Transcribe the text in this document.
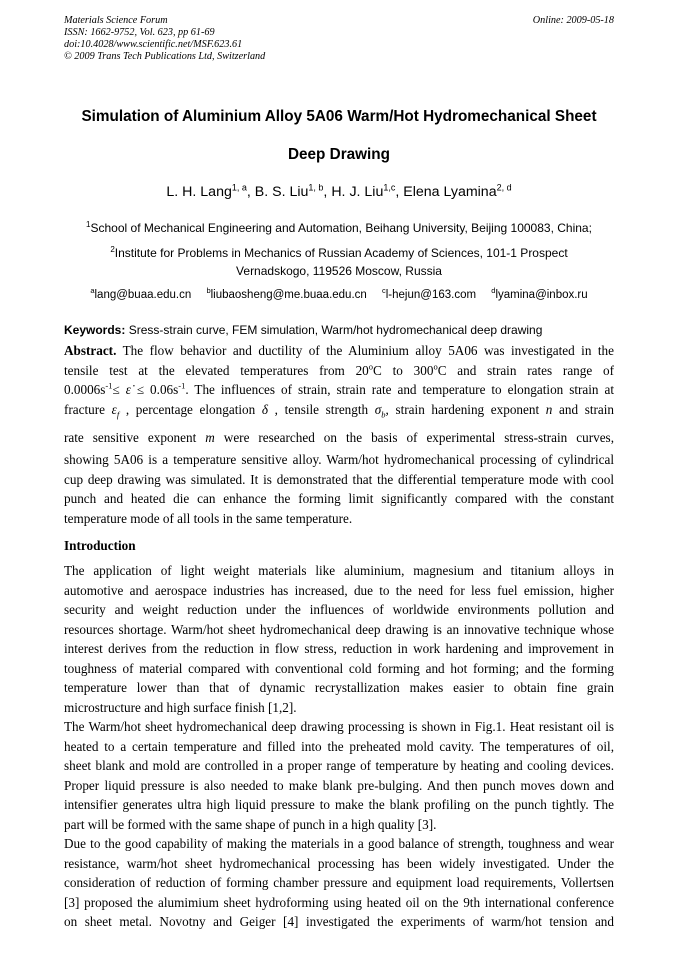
Materials Science Forum
ISSN: 1662-9752, Vol. 623, pp 61-69
doi:10.4028/www.scientific.net/MSF.623.61
© 2009 Trans Tech Publications Ltd, Switzerland
Online: 2009-05-18
Simulation of Aluminium Alloy 5A06 Warm/Hot Hydromechanical Sheet
Deep Drawing
L. H. Lang$^{1, a}$, B. S. Liu$^{1, b}$, H. J. Liu$^{1,c}$, Elena Lyamina$^{2, d}$
$^1$School of Mechanical Engineering and Automation, Beihang University, Beijing 100083, China;
$^2$Institute for Problems in Mechanics of Russian Academy of Sciences, 101-1 Prospect
Vernadskogo, 119526 Moscow, Russia
$^a$lang@buaa.edu.cn $^b$liubaosheng@me.buaa.edu.cn $^c$l-hejun@163.com $^d$lyamina@inbox.ru
Keywords: Sress-strain curve, FEM simulation, Warm/hot hydromechanical deep drawing
Abstract. The flow behavior and ductility of the Aluminium alloy 5A06 was investigated in the
tensile test at the elevated temperatures from 20$^o$C to 300$^o$C and strain rates range of
$0.0006s^{-1}\le$ ε̇ ≤ $0.06s^{-1}$. The influences of strain, strain rate and temperature to elongation strain at
fracture $\varepsilon_f$ , percentage elongation δ , tensile strength $\sigma_b$, strain hardening exponent n and strain
rate sensitive exponent m were researched on the basis of experimental stress-strain curves,
showing 5A06 is a temperature sensitive alloy. Warm/hot hydromechanical processing of cylindrical
cup deep drawing was simulated. It is demonstrated that the differential temperature mode with cool
punch and heated die can enhance the forming limit significantly compared with the constant
temperature mode of all tools in the same temperature.
Introduction
The application of light weight materials like aluminium, magnesium and titanium alloys in
automotive and aerospace industries has increased, due to the need for less fuel emission, higher
security and weight reduction under the influences of worldwide environments pollution and
resources shortage. Warm/hot sheet hydromechanical deep drawing is an innovative technique whose
interest derives from the reduction in flow stress, reduction in work hardening and improvement in
toughness of material compared with conventional cold forming and hot forming; and the forming
temperature lower than that of dynamic recrystallization makes easier to obtain fine grain
microstructure and high surface finish [1,2].
The Warm/hot sheet hydromechanical deep drawing processing is shown in Fig.1. Heat resistant oil is
heated to a certain temperature and filled into the preheated mold cavity. The temperatures of oil,
sheet blank and mold are controlled in a proper range of temperature by heating and cooling devices.
Proper liquid pressure is also needed to make blank pre-bulging. And then punch moves down and
intensifier generates ultra high liquid pressure to make the blank profiling on the punch tightly. The
part will be formed with the same shape of punch in a high quality [3].
Due to the good capability of making the materials in a good balance of strength, toughness and wear
resistance, warm/hot sheet hydromechanical processing has been widely investigated. Under the
consideration of reduction of forming chamber pressure and equipment load requirements, Vollertsen
[3] proposed the alumimium sheet hydroforming using heated oil on the 9th international conference
on sheet metal. Novotny and Geiger [4] investigated the experiments of warm/hot tension and
